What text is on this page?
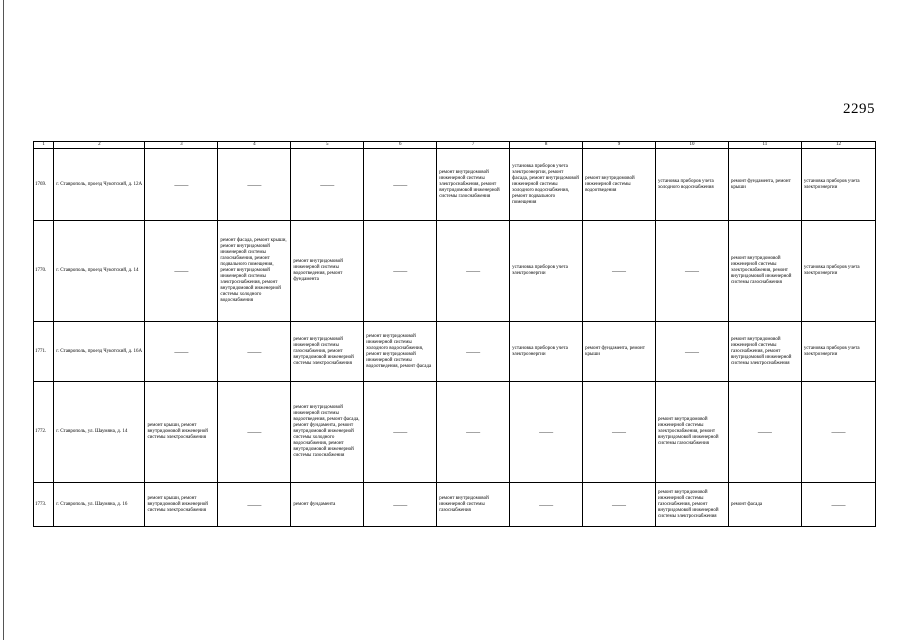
2295
1	2	3	4	5	6	7	8	9	10	11	12
1769.	г. Ставрополь, проезд Чукотский, д. 12А	——	——	——	——	ремонт внутридомовой инженерной системы электроснабжения, ремонт внутридомовой инженерной системы газоснабжения	установка приборов учета электроэнергии, ремонт фасада, ремонт внутридомовой инженерной системы холодного водоснабжения, ремонт подвального помещения	ремонт внутридомовой инженерной системы водоотведения	установка приборов учета холодного водоснабжения	ремонт фундамента, ремонт крыши	установка приборов учета электроэнергии
1770.	г. Ставрополь, проезд Чукотский, д. 14	——	ремонт фасада, ремонт крыши, ремонт внутридомовой инженерной системы газоснабжения, ремонт подвального помещения, ремонт внутридомовой инженерной системы электроснабжения, ремонт внутридомовой инженерной системы холодного водоснабжения	ремонт внутридомовой инженерной системы водоотведения, ремонт фундамента	——	——	установка приборов учета электроэнергии	——	——	ремонт внутридомовой инженерной системы электроснабжения, ремонт внутридомовой инженерной системы газоснабжения	установка приборов учета электроэнергии
1771.	г. Ставрополь, проезд Чукотский, д. 16А	——	——	ремонт внутридомовой инженерной системы газоснабжения, ремонт внутридомовой инженерной системы электроснабжения	ремонт внутридомовой инженерной системы холодного водоснабжения, ремонт внутридомовой инженерной системы водоотведения, ремонт фасада	——	установка приборов учета электроэнергии	ремонт фундамента, ремонт крыши	——	ремонт внутридомовой инженерной системы газоснабжения, ремонт внутридомовой инженерной системы электроснабжения	установка приборов учета электроэнергии
1772.	г. Ставрополь, ул. Шаумяна, д. 14	ремонт крыши, ремонт внутридомовой инженерной системы электроснабжения	——	ремонт внутридомовой инженерной системы водоотведения, ремонт фасада, ремонт фундамента, ремонт внутридомовой инженерной системы холодного водоснабжения, ремонт внутридомовой инженерной системы газоснабжения	——	——	——	——	ремонт внутридомовой инженерной системы электроснабжения, ремонт внутридомовой инженерной системы газоснабжения	——	——
1773.	г. Ставрополь, ул. Шаумяна, д. 16	ремонт крыши, ремонт внутридомовой инженерной системы электроснабжения	——	ремонт фундамента	——	ремонт внутридомовой инженерной системы газоснабжения	——	——	ремонт внутридомовой инженерной системы газоснабжения, ремонт внутридомовой инженерной системы электроснабжения	ремонт фасада	——
